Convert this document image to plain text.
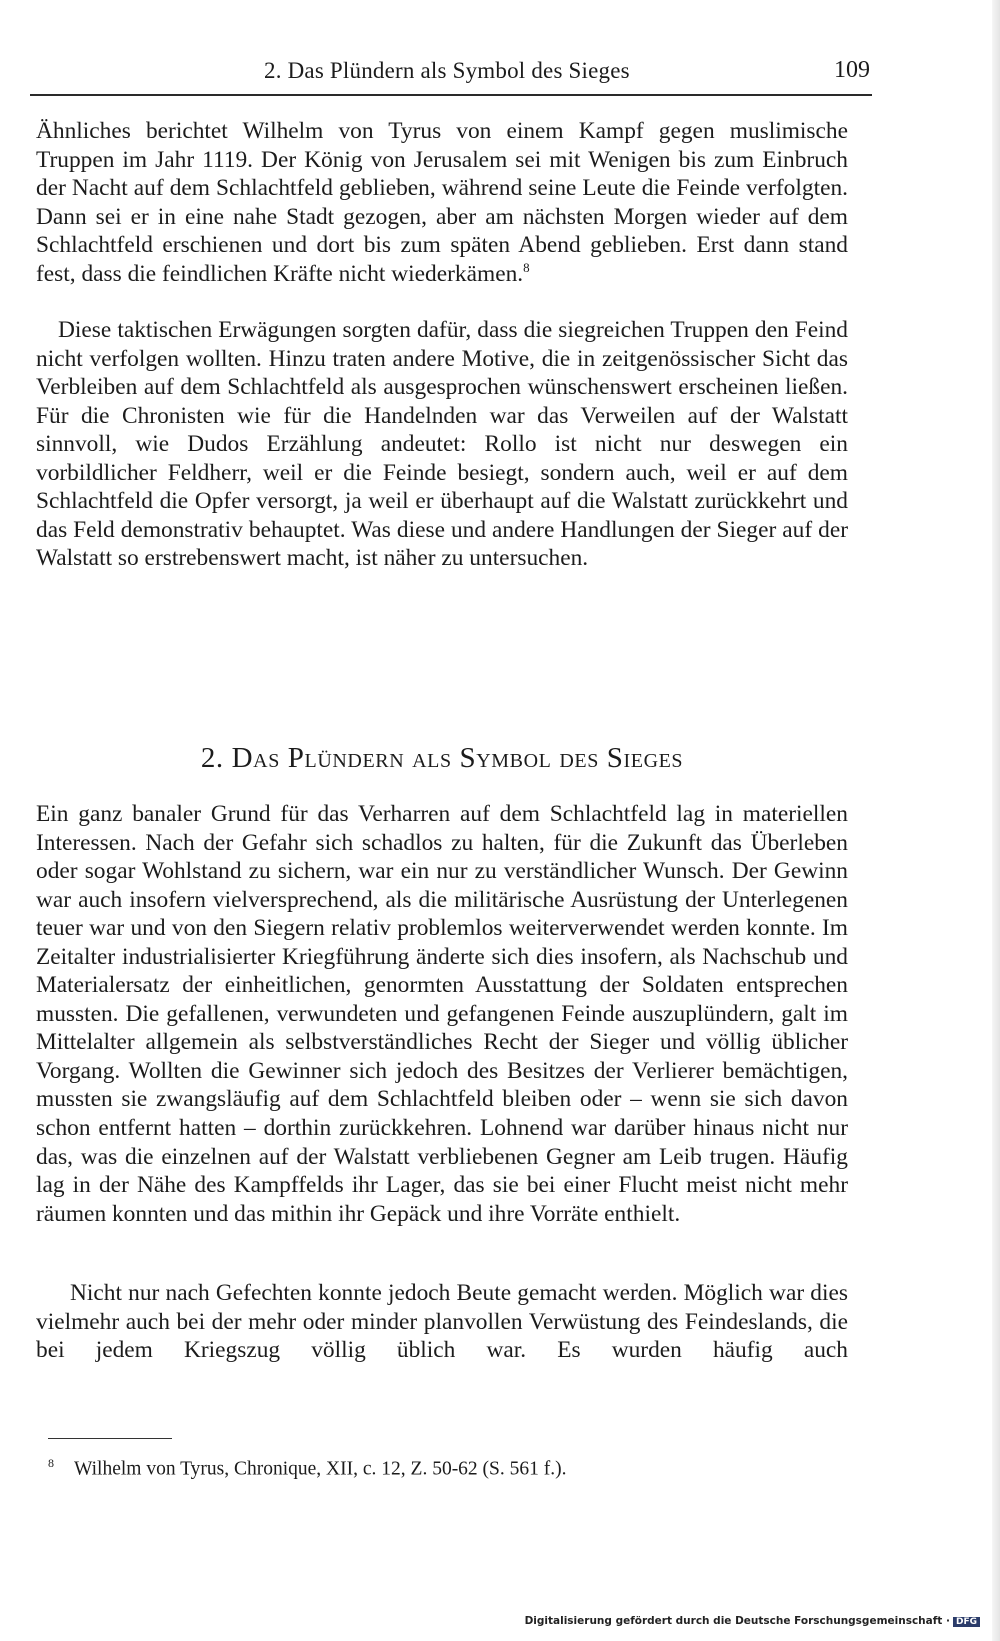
2. Das Plündern als Symbol des Sieges	109

Ähnliches berichtet Wilhelm von Tyrus von einem Kampf gegen muslimische Truppen im Jahr 1119. Der König von Jerusalem sei mit Wenigen bis zum Einbruch der Nacht auf dem Schlachtfeld geblieben, während seine Leute die Feinde verfolgten. Dann sei er in eine nahe Stadt gezogen, aber am nächsten Morgen wieder auf dem Schlachtfeld erschienen und dort bis zum späten Abend geblieben. Erst dann stand fest, dass die feindlichen Kräfte nicht wiederkämen.$^8$

Diese taktischen Erwägungen sorgten dafür, dass die siegreichen Truppen den Feind nicht verfolgen wollten. Hinzu traten andere Motive, die in zeitgenössischer Sicht das Verbleiben auf dem Schlachtfeld als ausgesprochen wünschenswert erscheinen ließen. Für die Chronisten wie für die Handelnden war das Verweilen auf der Walstatt sinnvoll, wie Dudos Erzählung andeutet: Rollo ist nicht nur deswegen ein vorbildlicher Feldherr, weil er die Feinde besiegt, sondern auch, weil er auf dem Schlachtfeld die Opfer versorgt, ja weil er überhaupt auf die Walstatt zurückkehrt und das Feld demonstrativ behauptet. Was diese und andere Handlungen der Sieger auf der Walstatt so erstrebenswert macht, ist näher zu untersuchen.

2. Das Plündern als Symbol des Sieges

Ein ganz banaler Grund für das Verharren auf dem Schlachtfeld lag in materiellen Interessen. Nach der Gefahr sich schadlos zu halten, für die Zukunft das Überleben oder sogar Wohlstand zu sichern, war ein nur zu verständlicher Wunsch. Der Gewinn war auch insofern vielversprechend, als die militärische Ausrüstung der Unterlegenen teuer war und von den Siegern relativ problemlos weiterverwendet werden konnte. Im Zeitalter industrialisierter Kriegführung änderte sich dies insofern, als Nachschub und Materialersatz der einheitlichen, genormten Ausstattung der Soldaten entsprechen mussten. Die gefallenen, verwundeten und gefangenen Feinde auszuplündern, galt im Mittelalter allgemein als selbstverständliches Recht der Sieger und völlig üblicher Vorgang. Wollten die Gewinner sich jedoch des Besitzes der Verlierer bemächtigen, mussten sie zwangsläufig auf dem Schlachtfeld bleiben oder – wenn sie sich davon schon entfernt hatten – dorthin zurückkehren. Lohnend war darüber hinaus nicht nur das, was die einzelnen auf der Walstatt verbliebenen Gegner am Leib trugen. Häufig lag in der Nähe des Kampffelds ihr Lager, das sie bei einer Flucht meist nicht mehr räumen konnten und das mithin ihr Gepäck und ihre Vorräte enthielt.

Nicht nur nach Gefechten konnte jedoch Beute gemacht werden. Möglich war dies vielmehr auch bei der mehr oder minder planvollen Verwüstung des Feindeslands, die bei jedem Kriegszug völlig üblich war. Es wurden häufig auch

$^8$ Wilhelm von Tyrus, Chronique, XII, c. 12, Z. 50-62 (S. 561 f.).
Digitalisierung gefördert durch die Deutsche Forschungsgemeinschaft · DFG
